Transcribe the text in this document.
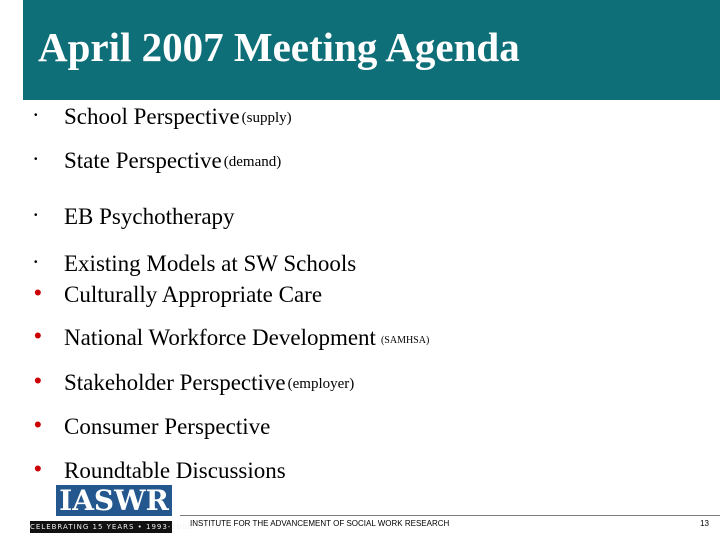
April 2007 Meeting Agenda
• School Perspective (supply)
• State Perspective (demand)
• EB Psychotherapy
• Existing Models at SW Schools
• Culturally Appropriate Care
• National Workforce Development (SAMHSA)
• Stakeholder Perspective (employer)
• Consumer Perspective
• Roundtable Discussions
IASWR
CELEBRATING 15 YEARS • 1993-2008
INSTITUTE FOR THE ADVANCEMENT OF SOCIAL WORK RESEARCH	13
